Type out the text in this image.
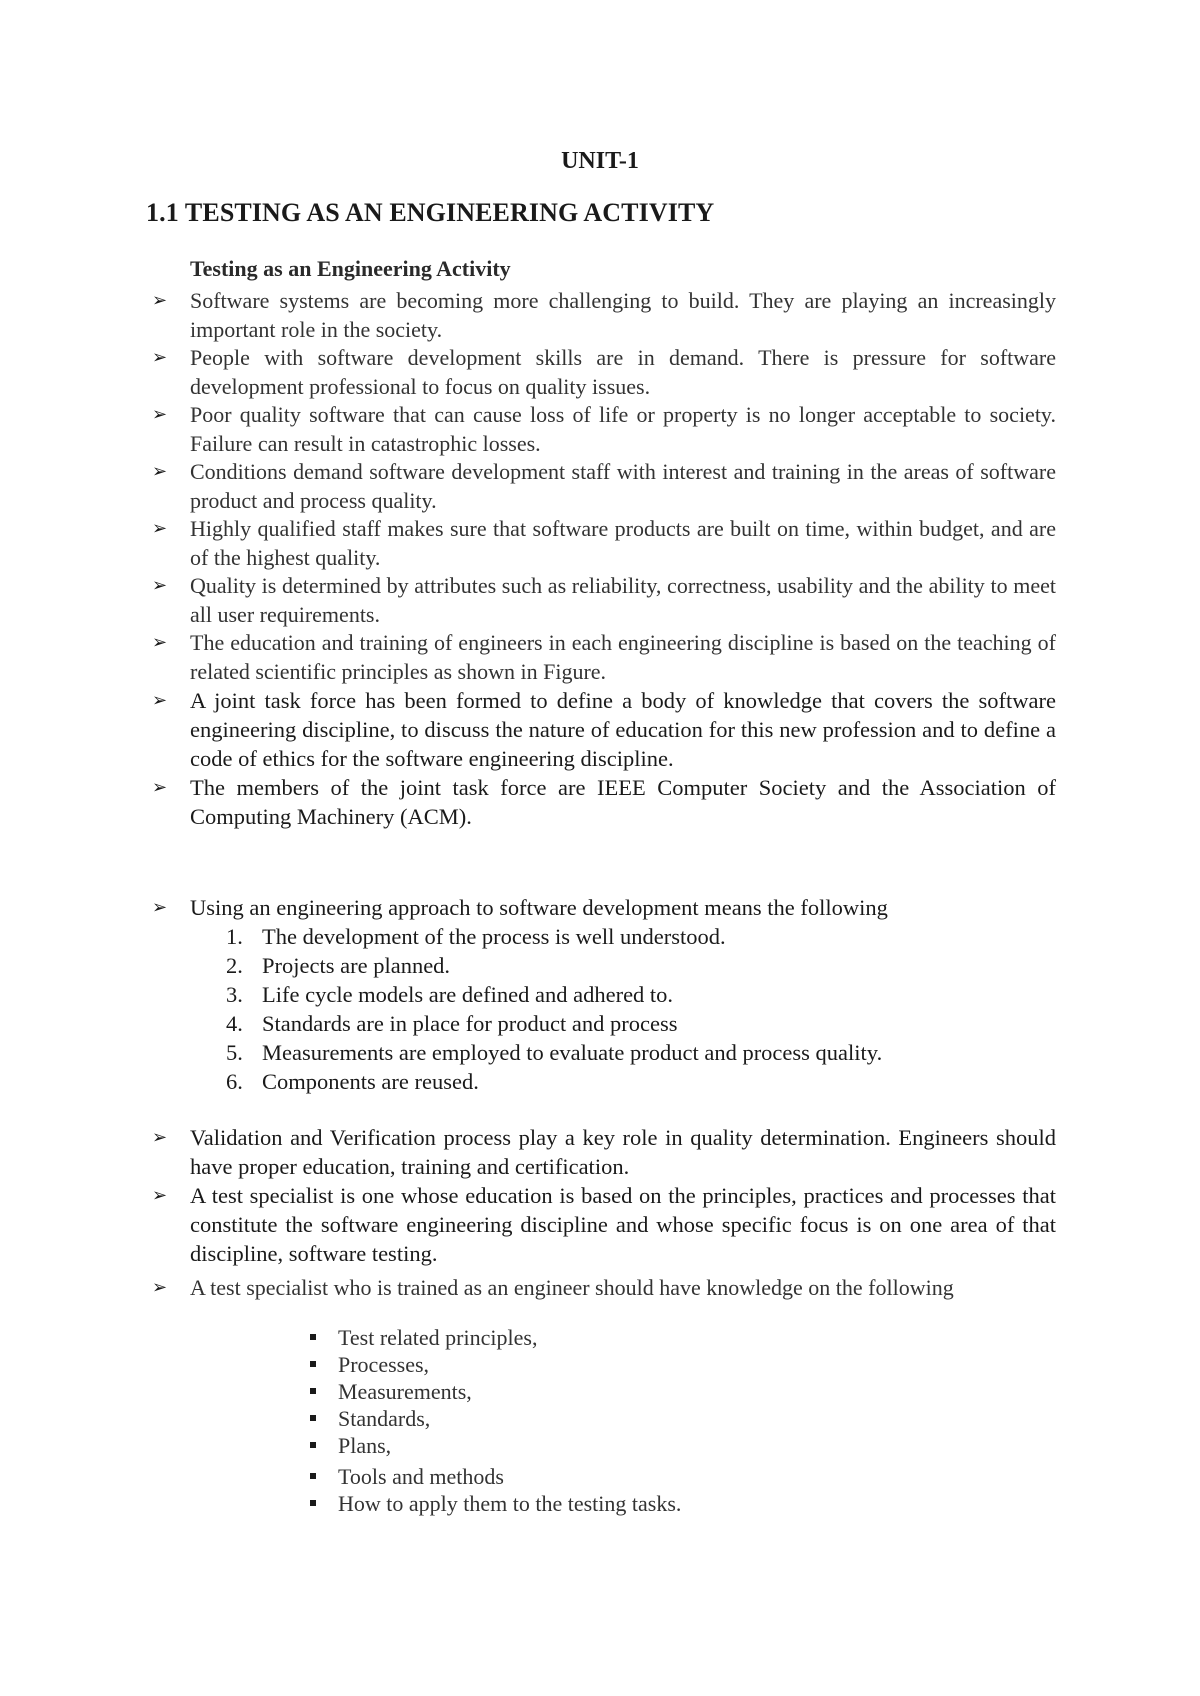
UNIT-1
1.1 TESTING AS AN ENGINEERING ACTIVITY
Testing as an Engineering Activity
➢ Software systems are becoming more challenging to build. They are playing an increasingly important role in the society.
➢ People with software development skills are in demand. There is pressure for software development professional to focus on quality issues.
➢ Poor quality software that can cause loss of life or property is no longer acceptable to society. Failure can result in catastrophic losses.
➢ Conditions demand software development staff with interest and training in the areas of software product and process quality.
➢ Highly qualified staff makes sure that software products are built on time, within budget, and are of the highest quality.
➢ Quality is determined by attributes such as reliability, correctness, usability and the ability to meet all user requirements.
➢ The education and training of engineers in each engineering discipline is based on the teaching of related scientific principles as shown in Figure.
➢ A joint task force has been formed to define a body of knowledge that covers the software engineering discipline, to discuss the nature of education for this new profession and to define a code of ethics for the software engineering discipline.
➢ The members of the joint task force are IEEE Computer Society and the Association of Computing Machinery (ACM).
➢ Using an engineering approach to software development means the following
1. The development of the process is well understood.
2. Projects are planned.
3. Life cycle models are defined and adhered to.
4. Standards are in place for product and process
5. Measurements are employed to evaluate product and process quality.
6. Components are reused.
➢ Validation and Verification process play a key role in quality determination. Engineers should have proper education, training and certification.
➢ A test specialist is one whose education is based on the principles, practices and processes that constitute the software engineering discipline and whose specific focus is on one area of that discipline, software testing.
➢ A test specialist who is trained as an engineer should have knowledge on the following
Test related principles,
Processes,
Measurements,
Standards,
Plans,
Tools and methods
How to apply them to the testing tasks.
